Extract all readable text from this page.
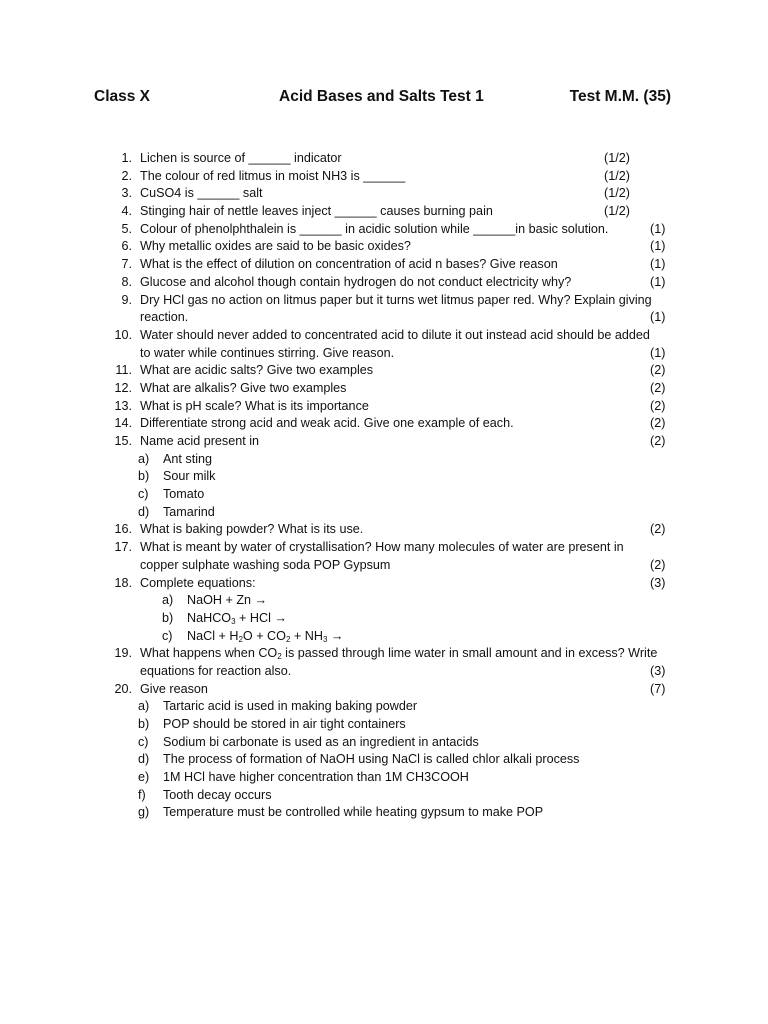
Class X	Acid Bases and Salts Test 1	Test M.M. (35)
1. Lichen is source of ______ indicator	(1/2)
2. The colour of red litmus in moist NH3 is ______	(1/2)
3. CuSO4 is ______ salt	(1/2)
4. Stinging hair of nettle leaves inject ______ causes burning pain	(1/2)
5. Colour of phenolphthalein is ______ in acidic solution while ______in basic solution.	(1)
6. Why metallic oxides are said to be basic oxides?	(1)
7. What is the effect of dilution on concentration of acid n bases? Give reason	(1)
8. Glucose and alcohol though contain hydrogen do not conduct electricity why?	(1)
9. Dry HCl gas no action on litmus paper but it turns wet litmus paper red. Why? Explain giving
reaction.	(1)
10. Water should never added to concentrated acid to dilute it out instead acid should be added
to water while continues stirring. Give reason.	(1)
11. What are acidic salts? Give two examples	(2)
12. What are alkalis? Give two examples	(2)
13. What is pH scale? What is its importance	(2)
14. Differentiate strong acid and weak acid. Give one example of each.	(2)
15. Name acid present in	(2)
a) Ant sting
b) Sour milk
c) Tomato
d) Tamarind
16. What is baking powder? What is its use.	(2)
17. What is meant by water of crystallisation? How many molecules of water are present in
copper sulphate washing soda POP Gypsum	(2)
18. Complete equations:	(3)
a) NaOH + Zn →
b) NaHCO$_3$ + HCl →
c) NaCl + $H_2O + CO_2 + NH_3$ →
19. What happens when $CO_2$ is passed through lime water in small amount and in excess? Write
equations for reaction also.	(3)
20. Give reason	(7)
a) Tartaric acid is used in making baking powder
b) POP should be stored in air tight containers
c) Sodium bi carbonate is used as an ingredient in antacids
d) The process of formation of NaOH using NaCl is called chlor alkali process
e) 1M HCl have higher concentration than 1M CH3COOH
f)	Tooth decay occurs
g) Temperature must be controlled while heating gypsum to make POP
